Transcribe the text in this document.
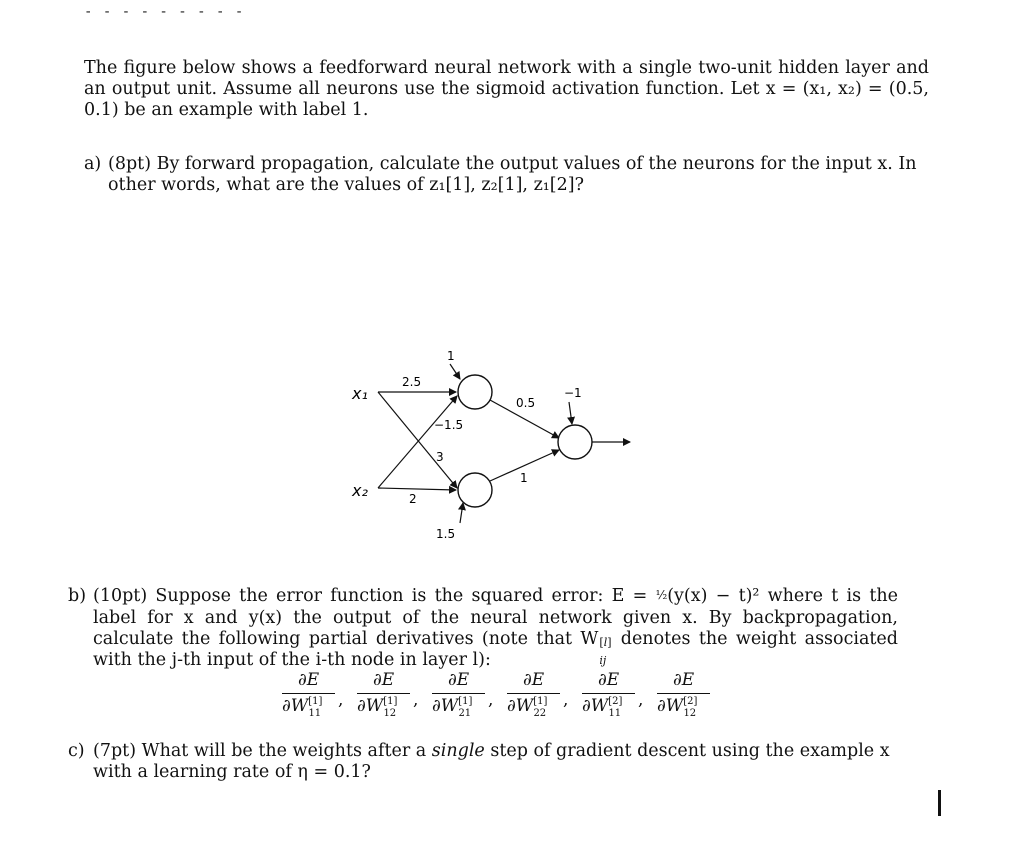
- - - - - - - - -
The figure below shows a feedforward neural network with a single two-unit hidden layer and an output unit. Assume all neurons use the sigmoid activation function. Let x = (x₁, x₂) = (0.5, 0.1) be an example with label 1.
a) (8pt) By forward propagation, calculate the output values of the neurons for the input x. In other words, what are the values of z₁[1], z₂[1], z₁[2]?
x₁
x₂
2.5
3
−1.5
2
0.5
1
1
1.5
−1
b) (10pt) Suppose the error function is the squared error: E = ½(y(x) − t)² where t is the label for x and y(x) the output of the neural network given x. By backpropagation, calculate the following partial derivatives (note that W [l]
ij
denotes the weight associated with the j-th input of the i-th node in layer l):
$\frac{\partial E}{\partial W^{[1]}_{11}}$ , $\frac{\partial E}{\partial W^{[1]}_{12}}$ , $\frac{\partial E}{\partial W^{[1]}_{21}}$ , $\frac{\partial E}{\partial W^{[1]}_{22}}$ , $\frac{\partial E}{\partial W^{[2]}_{11}}$ , $\frac{\partial E}{\partial W^{[2]}_{12}}$
c) (7pt) What will be the weights after a single step of gradient descent using the example x with a learning rate of η = 0.1?
